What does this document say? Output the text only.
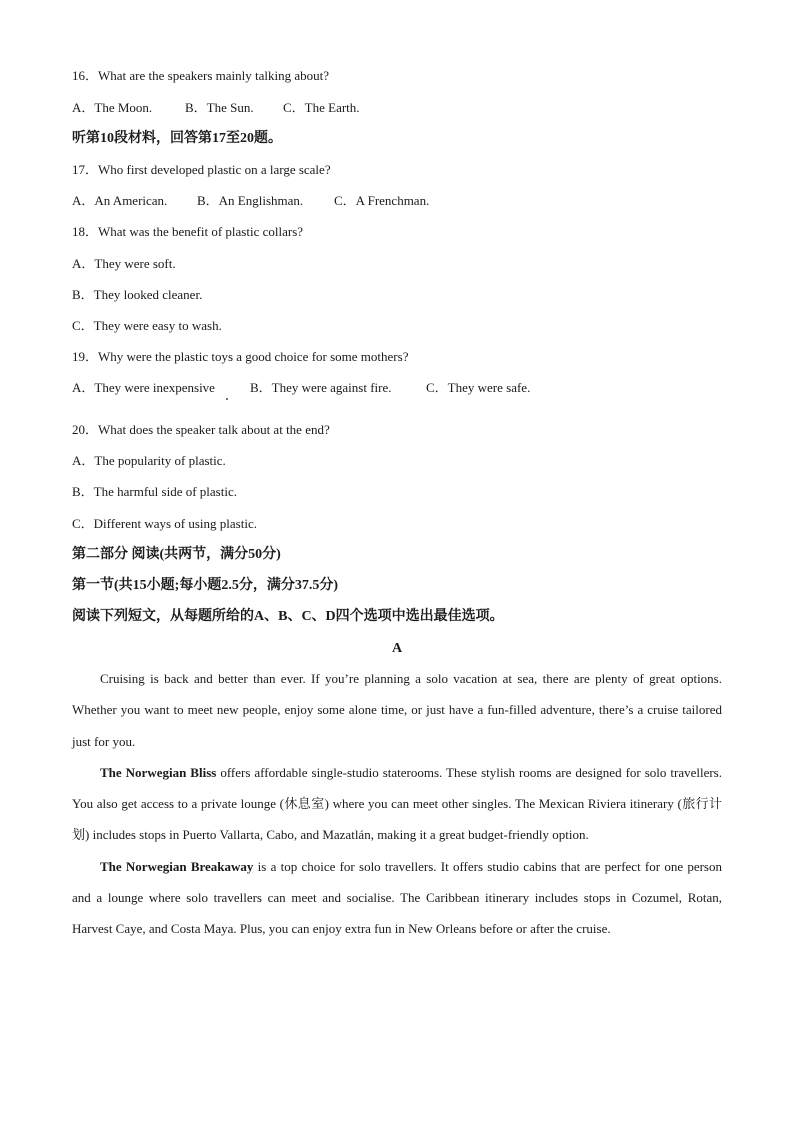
16．What are the speakers mainly talking about?
A．The Moon.	B．The Sun. C．The Earth.
听第10段材料，回答第17至20题。
17．Who first developed plastic on a large scale?
A．An American. B．An Englishman. C．A Frenchman.
18．What was the benefit of plastic collars?
A．They were soft.
B．They looked cleaner.
C．They were easy to wash.
19．Why were the plastic toys a good choice for some mothers?
A．They were inexpensive	B．They were against fire.	C．They were safe.
20．What does the speaker talk about at the end?
A．The popularity of plastic.
B．The harmful side of plastic.
C．Different ways of using plastic.
第二部分 阅读(共两节，满分50分)
第一节(共15小题;每小题2.5分，满分37.5分)
阅读下列短文，从每题所给的A、B、C、D四个选项中选出最佳选项。
A

Cruising is back and better than ever. If you’re planning a solo vacation at sea, there are plenty of great options. Whether you want to meet new people, enjoy some alone time, or just have a fun-filled adventure, there’s a cruise tailored just for you.

The Norwegian Bliss offers affordable single-studio staterooms. These stylish rooms are designed for solo travellers. You also get access to a private lounge (休息室) where you can meet other singles. The Mexican Riviera itinerary (旅行计划) includes stops in Puerto Vallarta, Cabo, and Mazatlán, making it a great budget-friendly option.

The Norwegian Breakaway is a top choice for solo travellers. It offers studio cabins that are perfect for one person and a lounge where solo travellers can meet and socialise. The Caribbean itinerary includes stops in Cozumel, Rotan, Harvest Caye, and Costa Maya. Plus, you can enjoy extra fun in New Orleans before or after the cruise.
